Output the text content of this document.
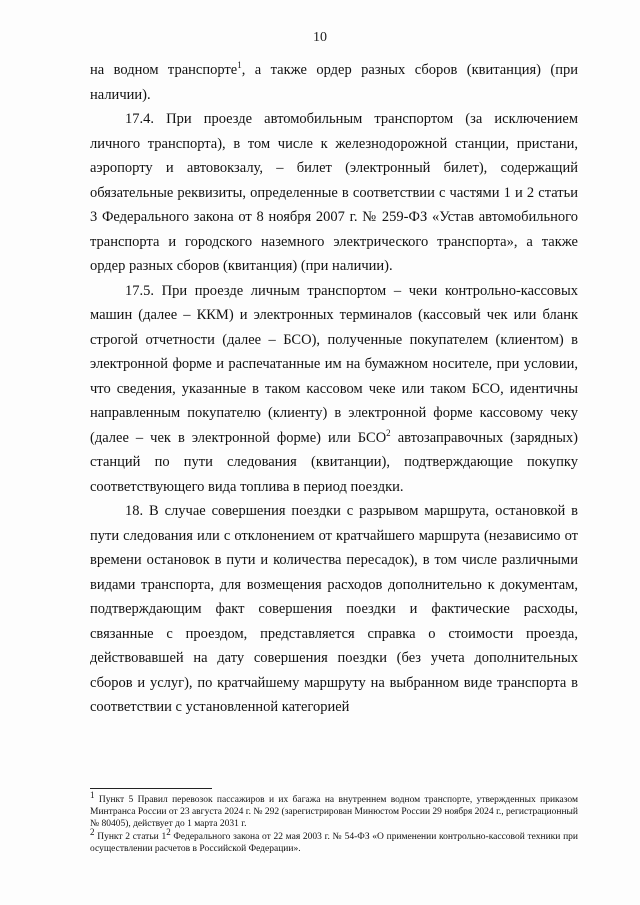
10

на водном транспорте$^1$, а также ордер разных сборов (квитанция) (при наличии).

17.4. При проезде автомобильным транспортом (за исключением личного транспорта), в том числе к железнодорожной станции, пристани, аэропорту и автовокзалу, – билет (электронный билет), содержащий обязательные реквизиты, определенные в соответствии с частями 1 и 2 статьи 3 Федерального закона от 8 ноября 2007 г. № 259-ФЗ «Устав автомобильного транспорта и городского наземного электрического транспорта», а также ордер разных сборов (квитанция) (при наличии).

17.5. При проезде личным транспортом – чеки контрольно-кассовых машин (далее – ККМ) и электронных терминалов (кассовый чек или бланк строгой отчетности (далее – БСО), полученные покупателем (клиентом) в электронной форме и распечатанные им на бумажном носителе, при условии, что сведения, указанные в таком кассовом чеке или таком БСО, идентичны направленным покупателю (клиенту) в электронной форме кассовому чеку (далее – чек в электронной форме) или БСО$^2$ автозаправочных (зарядных) станций по пути следования (квитанции), подтверждающие покупку соответствующего вида топлива в период поездки.

18. В случае совершения поездки с разрывом маршрута, остановкой в пути следования или с отклонением от кратчайшего маршрута (независимо от времени остановок в пути и количества пересадок), в том числе различными видами транспорта, для возмещения расходов дополнительно к документам, подтверждающим факт совершения поездки и фактические расходы, связанные с проездом, представляется справка о стоимости проезда, действовавшей на дату совершения поездки (без учета дополнительных сборов и услуг), по кратчайшему маршруту на выбранном виде транспорта в соответствии с установленной категорией

$^1$ Пункт 5 Правил перевозок пассажиров и их багажа на внутреннем водном транспорте, утвержденных приказом Минтранса России от 23 августа 2024 г. № 292 (зарегистрирован Минюстом России 29 ноября 2024 г., регистрационный № 80405), действует до 1 марта 2031 г.

$^2$ Пункт 2 статьи $1^2$ Федерального закона от 22 мая 2003 г. № 54-ФЗ «О применении контрольно-кассовой техники при осуществлении расчетов в Российской Федерации».
